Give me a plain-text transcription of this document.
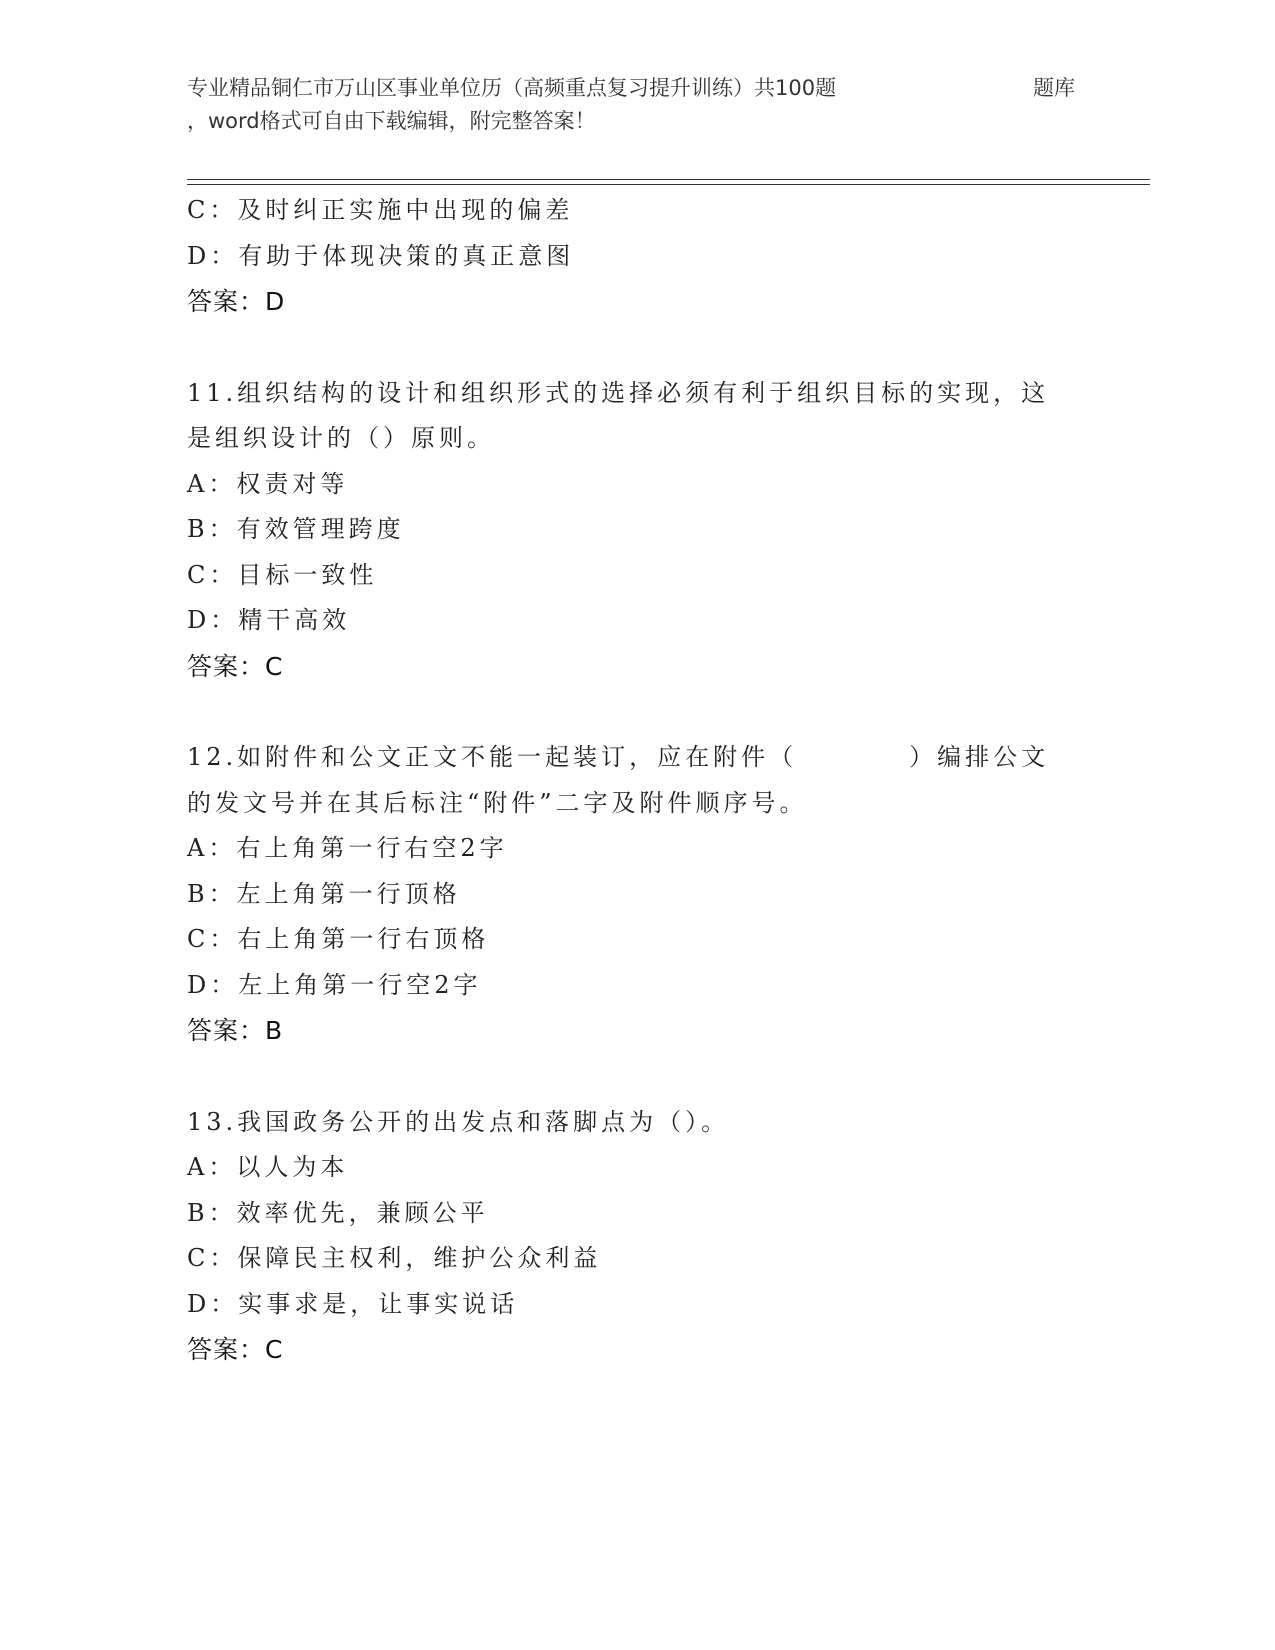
专业精品铜仁市万山区事业单位历（高频重点复习提升训练）共100题	题库
，word格式可自由下载编辑，附完整答案！
C：及时纠正实施中出现的偏差
D：有助于体现决策的真正意图
答案：D
11.组织结构的设计和组织形式的选择必须有利于组织目标的实现，这
是组织设计的（）原则。
A：权责对等
B：有效管理跨度
C：目标一致性
D：精干高效
答案：C
12.如附件和公文正文不能一起装订，应在附件（	）编排公文
的发文号并在其后标注“附件”二字及附件顺序号。
A：右上角第一行右空2字
B：左上角第一行顶格
C：右上角第一行右顶格
D：左上角第一行空2字
答案：B
13.我国政务公开的出发点和落脚点为（）。
A：以人为本
B：效率优先，兼顾公平
C：保障民主权利，维护公众利益
D：实事求是，让事实说话
答案：C
